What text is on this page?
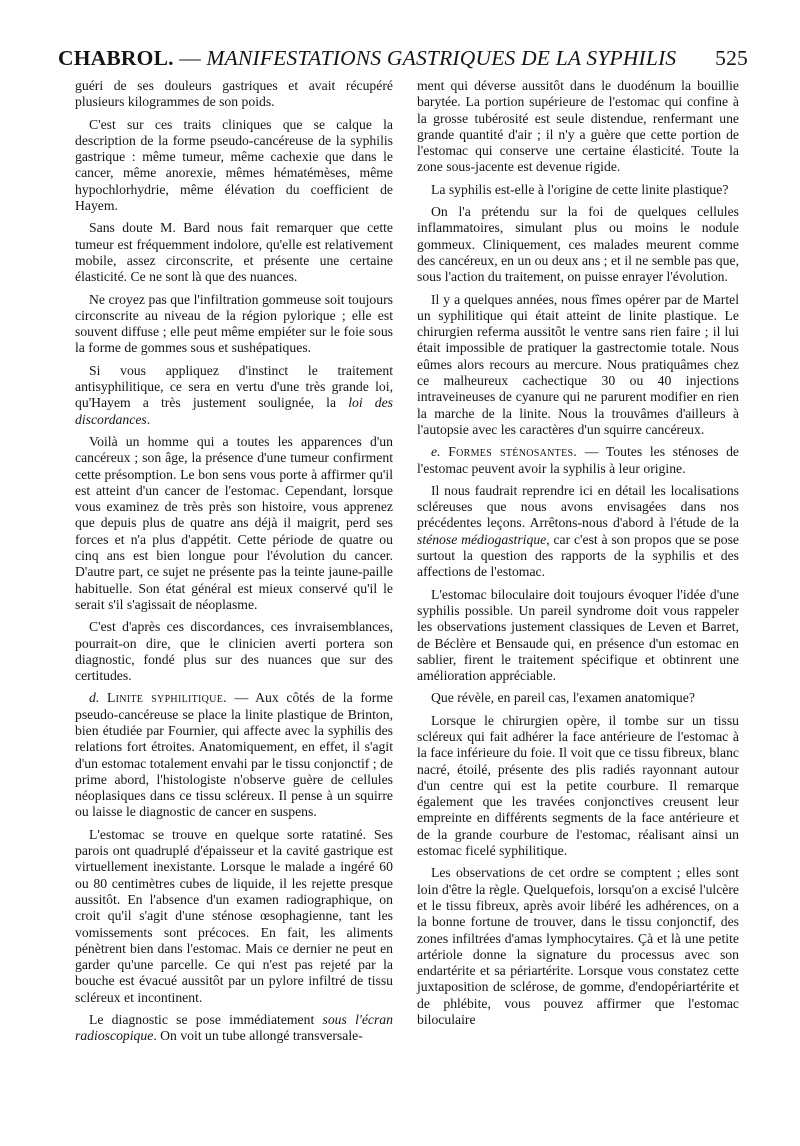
CHABROL. — MANIFESTATIONS GASTRIQUES DE LA SYPHILIS 525

guéri de ses douleurs gastriques et avait récupéré plusieurs kilogrammes de son poids.

C'est sur ces traits cliniques que se calque la description de la forme pseudo-cancéreuse de la syphilis gastrique : même tumeur, même cachexie que dans le cancer, même anorexie, mêmes hématémèses, même hypochlorhydrie, même élévation du coefficient de Hayem.

Sans doute M. Bard nous fait remarquer que cette tumeur est fréquemment indolore, qu'elle est relativement mobile, assez circonscrite, et présente une certaine élasticité. Ce ne sont là que des nuances.

Ne croyez pas que l'infiltration gommeuse soit toujours circonscrite au niveau de la région pylorique ; elle est souvent diffuse ; elle peut même empiéter sur le foie sous la forme de gommes sous et sushépatiques.

Si vous appliquez d'instinct le traitement antisyphilitique, ce sera en vertu d'une très grande loi, qu'Hayem a très justement soulignée, la loi des discordances.

Voilà un homme qui a toutes les apparences d'un cancéreux ; son âge, la présence d'une tumeur confirment cette présomption. Le bon sens vous porte à affirmer qu'il est atteint d'un cancer de l'estomac. Cependant, lorsque vous examinez de très près son histoire, vous apprenez que depuis plus de quatre ans déjà il maigrit, perd ses forces et n'a plus d'appétit. Cette période de quatre ou cinq ans est bien longue pour l'évolution du cancer. D'autre part, ce sujet ne présente pas la teinte jaune-paille habituelle. Son état général est mieux conservé qu'il le serait s'il s'agissait de néoplasme.

C'est d'après ces discordances, ces invraisemblances, pourrait-on dire, que le clinicien averti portera son diagnostic, fondé plus sur des nuances que sur des certitudes.

d. Linite syphilitique. — Aux côtés de la forme pseudo-cancéreuse se place la linite plastique de Brinton, bien étudiée par Fournier, qui affecte avec la syphilis des relations fort étroites. Anatomiquement, en effet, il s'agit d'un estomac totalement envahi par le tissu conjonctif ; de prime abord, l'histologiste n'observe guère de cellules néoplasiques dans ce tissu scléreux. Il pense à un squirre ou laisse le diagnostic de cancer en suspens.

L'estomac se trouve en quelque sorte ratatiné. Ses parois ont quadruplé d'épaisseur et la cavité gastrique est virtuellement inexistante. Lorsque le malade a ingéré 60 ou 80 centimètres cubes de liquide, il les rejette presque aussitôt. En l'absence d'un examen radiographique, on croit qu'il s'agit d'une sténose œsophagienne, tant les vomissements sont précoces. En fait, les aliments pénètrent bien dans l'estomac. Mais ce dernier ne peut en garder qu'une parcelle. Ce qui n'est pas rejeté par la bouche est évacué aussitôt par un pylore infiltré de tissu scléreux et incontinent.

Le diagnostic se pose immédiatement sous l'écran radioscopique. On voit un tube allongé transversale-

ment qui déverse aussitôt dans le duodénum la bouillie barytée. La portion supérieure de l'estomac qui confine à la grosse tubérosité est seule distendue, renfermant une grande quantité d'air ; il n'y a guère que cette portion de l'estomac qui conserve une certaine élasticité. Toute la zone sous-jacente est devenue rigide.

La syphilis est-elle à l'origine de cette linite plastique?

On l'a prétendu sur la foi de quelques cellules inflammatoires, simulant plus ou moins le nodule gommeux. Cliniquement, ces malades meurent comme des cancéreux, en un ou deux ans ; et il ne semble pas que, sous l'action du traitement, on puisse enrayer l'évolution.

Il y a quelques années, nous fîmes opérer par de Martel un syphilitique qui était atteint de linite plastique. Le chirurgien referma aussitôt le ventre sans rien faire ; il lui était impossible de pratiquer la gastrectomie totale. Nous eûmes alors recours au mercure. Nous pratiquâmes chez ce malheureux cachectique 30 ou 40 injections intraveineuses de cyanure qui ne parurent modifier en rien la marche de la linite. Nous la trouvâmes d'ailleurs à l'autopsie avec les caractères d'un squirre cancéreux.

e. Formes sténosantes. — Toutes les sténoses de l'estomac peuvent avoir la syphilis à leur origine.

Il nous faudrait reprendre ici en détail les localisations scléreuses que nous avons envisagées dans nos précédentes leçons. Arrêtons-nous d'abord à l'étude de la sténose médiogastrique, car c'est à son propos que se pose surtout la question des rapports de la syphilis et des affections de l'estomac.

L'estomac biloculaire doit toujours évoquer l'idée d'une syphilis possible. Un pareil syndrome doit vous rappeler les observations justement classiques de Leven et Barret, de Béclère et Bensaude qui, en présence d'un estomac en sablier, firent le traitement spécifique et obtinrent une amélioration appréciable.

Que révèle, en pareil cas, l'examen anatomique?

Lorsque le chirurgien opère, il tombe sur un tissu scléreux qui fait adhérer la face antérieure de l'estomac à la face inférieure du foie. Il voit que ce tissu fibreux, blanc nacré, étoilé, présente des plis radiés rayonnant autour d'un centre qui est la petite courbure. Il remarque également que les travées conjonctives creusent leur empreinte en différents segments de la face antérieure et de la grande courbure de l'estomac, réalisant ainsi un estomac ficelé syphilitique.

Les observations de cet ordre se comptent ; elles sont loin d'être la règle. Quelquefois, lorsqu'on a excisé l'ulcère et le tissu fibreux, après avoir libéré les adhérences, on a la bonne fortune de trouver, dans le tissu conjonctif, des zones infiltrées d'amas lymphocytaires. Çà et là une petite artériole donne la signature du processus avec son endartérite et sa périartérite. Lorsque vous constatez cette juxtaposition de sclérose, de gomme, d'endopériartérite et de phlébite, vous pouvez affirmer que l'estomac biloculaire
